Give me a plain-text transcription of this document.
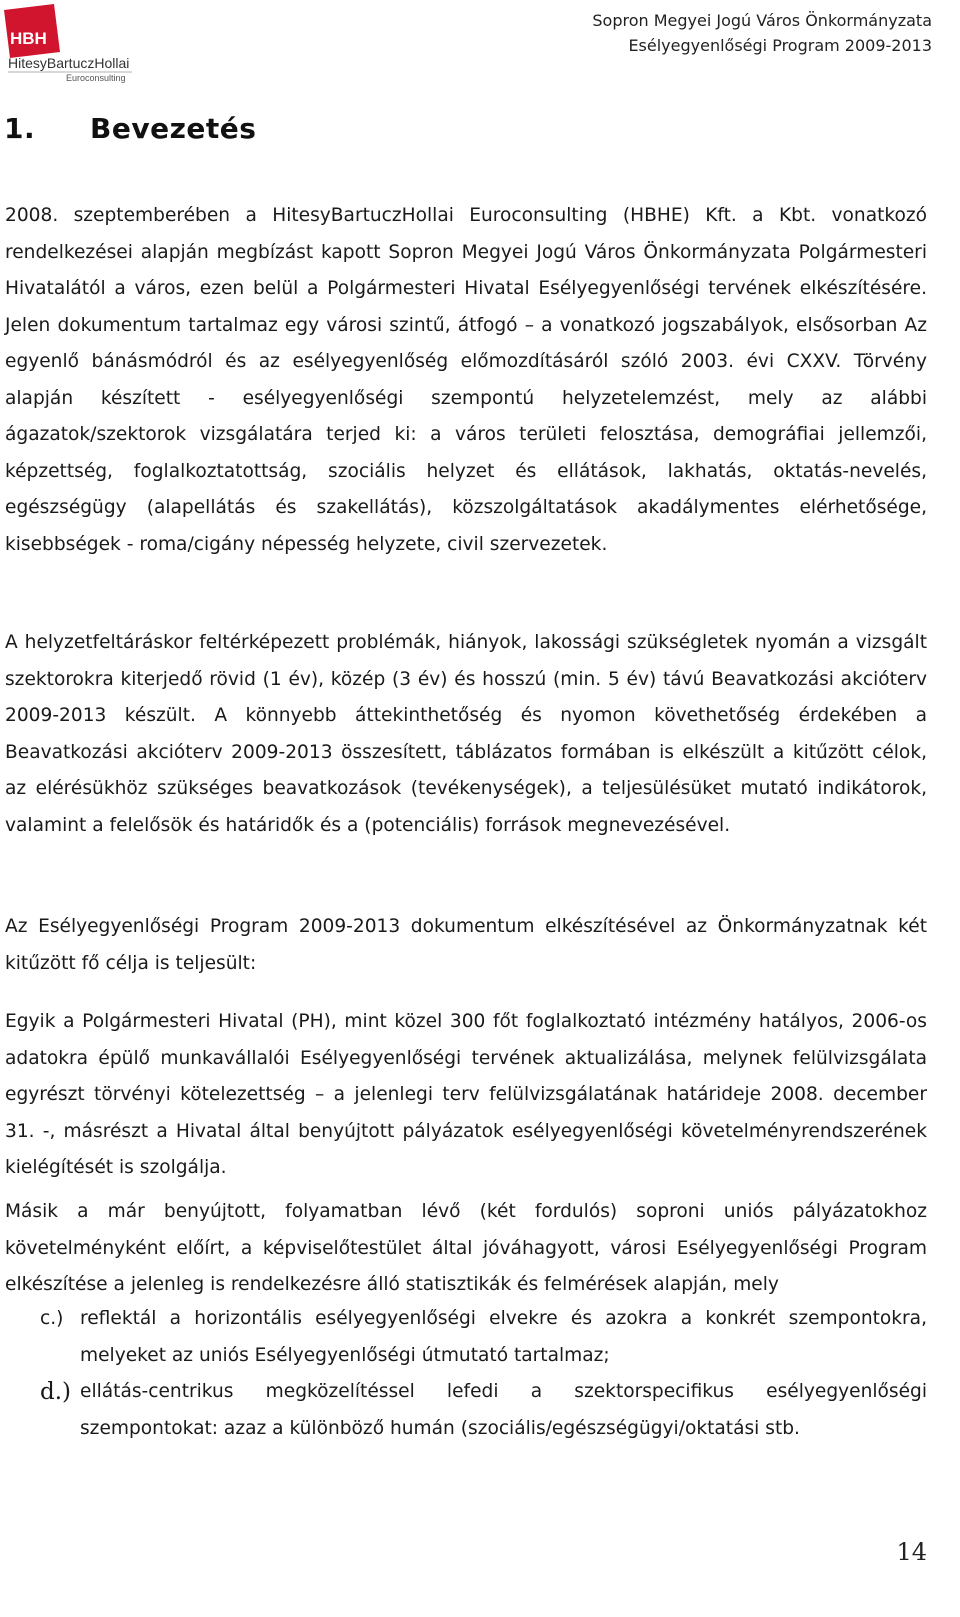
HBH
HitesyBartuczHollai
Euroconsulting
Sopron Megyei Jogú Város Önkormányzata
Esélyegyenlőségi Program 2009-2013
1. Bevezetés

2008. szeptemberében a HitesyBartuczHollai Euroconsulting (HBHE) Kft. a Kbt. vonatkozó rendelkezései alapján megbízást kapott Sopron Megyei Jogú Város Önkormányzata Polgármesteri Hivatalától a város, ezen belül a Polgármesteri Hivatal Esélyegyenlőségi tervének elkészítésére. Jelen dokumentum tartalmaz egy városi szintű, átfogó – a vonatkozó jogszabályok, elsősorban Az egyenlő bánásmódról és az esélyegyenlőség előmozdításáról szóló 2003. évi CXXV. Törvény alapján készített - esélyegyenlőségi szempontú helyzetelemzést, mely az alábbi ágazatok/szektorok vizsgálatára terjed ki: a város területi felosztása, demográfiai jellemzői, képzettség, foglalkoztatottság, szociális helyzet és ellátások, lakhatás, oktatás-nevelés, egészségügy (alapellátás és szakellátás), közszolgáltatások akadálymentes elérhetősége, kisebbségek - roma/cigány népesség helyzete, civil szervezetek.

A helyzetfeltáráskor feltérképezett problémák, hiányok, lakossági szükségletek nyomán a vizsgált szektorokra kiterjedő rövid (1 év), közép (3 év) és hosszú (min. 5 év) távú Beavatkozási akcióterv 2009-2013 készült. A könnyebb áttekinthetőség és nyomon követhetőség érdekében a Beavatkozási akcióterv 2009-2013 összesített, táblázatos formában is elkészült a kitűzött célok, az elérésükhöz szükséges beavatkozások (tevékenységek), a teljesülésüket mutató indikátorok, valamint a felelősök és határidők és a (potenciális) források megnevezésével.

Az Esélyegyenlőségi Program 2009-2013 dokumentum elkészítésével az Önkormányzatnak két kitűzött fő célja is teljesült:

Egyik a Polgármesteri Hivatal (PH), mint közel 300 főt foglalkoztató intézmény hatályos, 2006-os adatokra épülő munkavállalói Esélyegyenlőségi tervének aktualizálása, melynek felülvizsgálata egyrészt törvényi kötelezettség – a jelenlegi terv felülvizsgálatának határideje 2008. december 31. -, másrészt a Hivatal által benyújtott pályázatok esélyegyenlőségi követelményrendszerének kielégítését is szolgálja.

Másik a már benyújtott, folyamatban lévő (két fordulós) soproni uniós pályázatokhoz követelményként előírt, a képviselőtestület által jóváhagyott, városi Esélyegyenlőségi Program elkészítése a jelenleg is rendelkezésre álló statisztikák és felmérések alapján, mely

c.) reflektál a horizontális esélyegyenlőségi elvekre és azokra a konkrét szempontokra, melyeket az uniós Esélyegyenlőségi útmutató tartalmaz;
d.) ellátás-centrikus megközelítéssel lefedi a szektorspecifikus esélyegyenlőségi szempontokat: azaz a különböző humán (szociális/egészségügyi/oktatási stb.
14
